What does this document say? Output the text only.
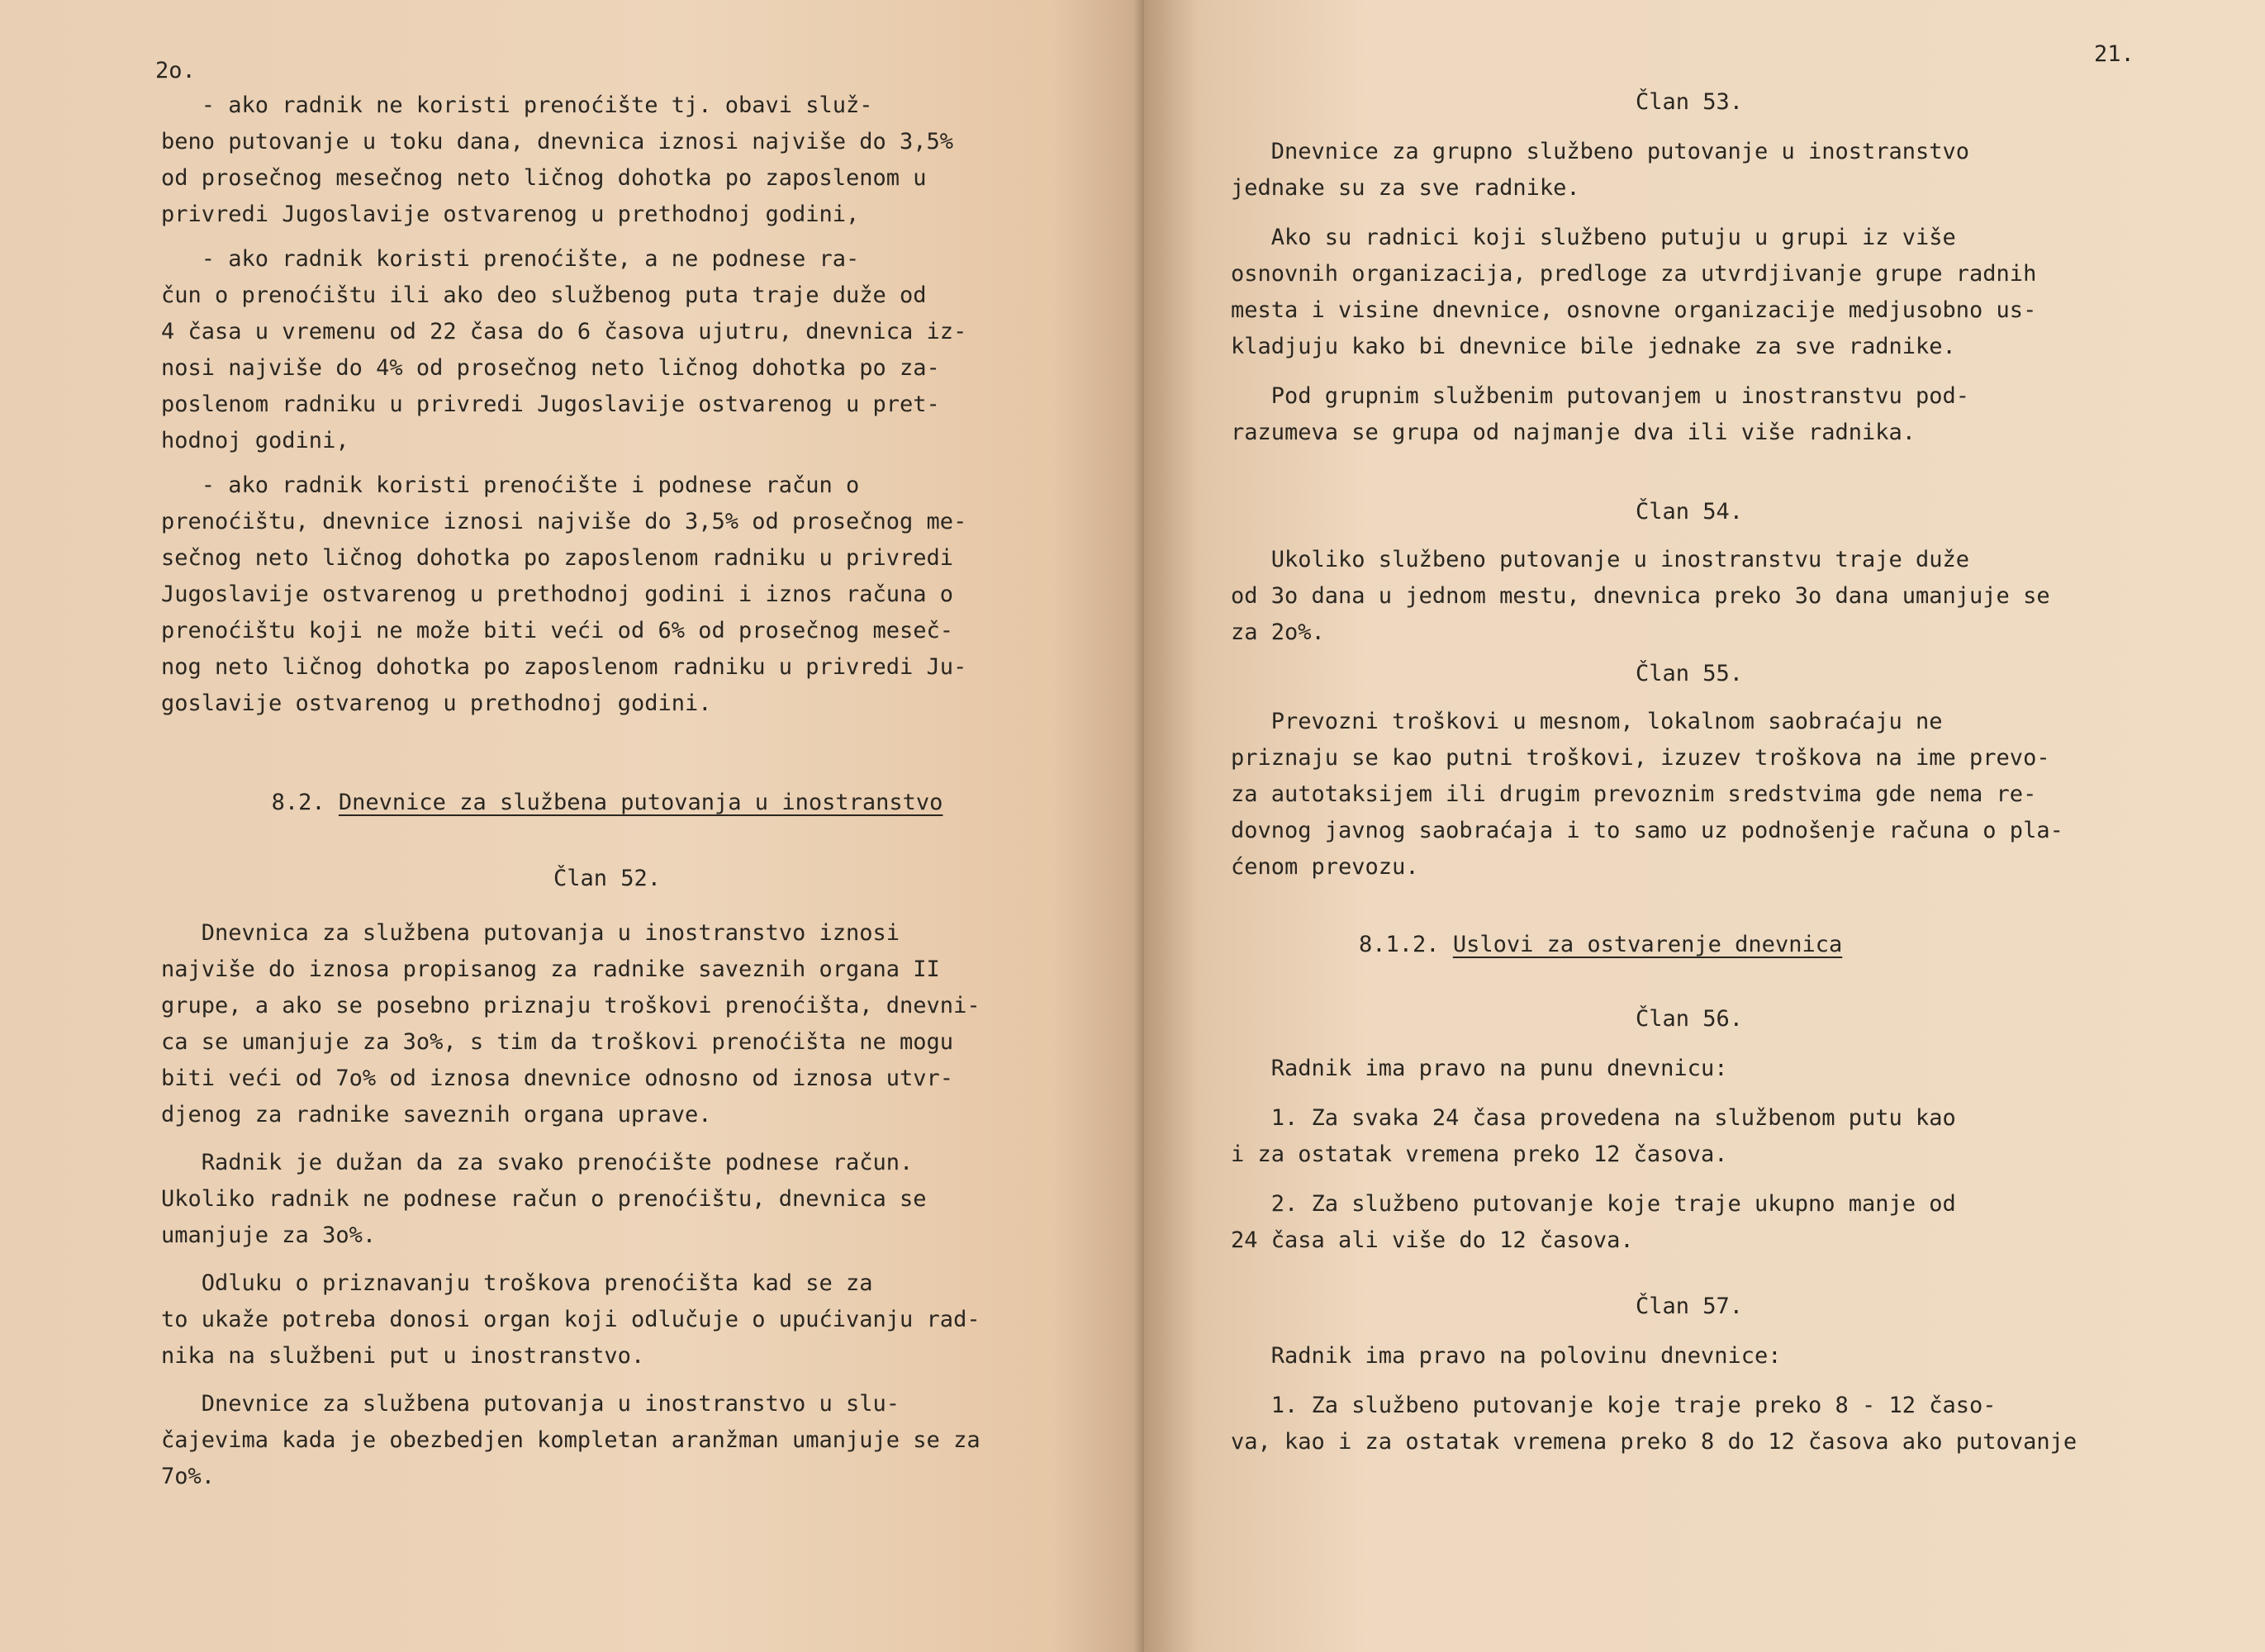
2o.

- ako radnik ne koristi prenoćište tj. obavi služ-
beno putovanje u toku dana, dnevnica iznosi najviše do 3,5%
od prosečnog mesečnog neto ličnog dohotka po zaposlenom u
privredi Jugoslavije ostvarenog u prethodnoj godini,

- ako radnik koristi prenoćište, a ne podnese ra-
čun o prenoćištu ili ako deo službenog puta traje duže od
4 časa u vremenu od 22 časa do 6 časova ujutru, dnevnica iz-
nosi najviše do 4% od prosečnog neto ličnog dohotka po za-
poslenom radniku u privredi Jugoslavije ostvarenog u pret-
hodnoj godini,

- ako radnik koristi prenoćište i podnese račun o
prenoćištu, dnevnice iznosi najviše do 3,5% od prosečnog me-
sečnog neto ličnog dohotka po zaposlenom radniku u privredi
Jugoslavije ostvarenog u prethodnoj godini i iznos računa o
prenoćištu koji ne može biti veći od 6% od prosečnog meseč-
nog neto ličnog dohotka po zaposlenom radniku u privredi Ju-
goslavije ostvarenog u prethodnoj godini.

8.2. Dnevnice za službena putovanja u inostranstvo
Član 52.

Dnevnica za službena putovanja u inostranstvo iznosi
najviše do iznosa propisanog za radnike saveznih organa II
grupe, a ako se posebno priznaju troškovi prenoćišta, dnevni-
ca se umanjuje za 3o%, s tim da troškovi prenoćišta ne mogu
biti veći od 7o% od iznosa dnevnice odnosno od iznosa utvr-
djenog za radnike saveznih organa uprave.

Radnik je dužan da za svako prenoćište podnese račun.
Ukoliko radnik ne podnese račun o prenoćištu, dnevnica se
umanjuje za 3o%.

Odluku o priznavanju troškova prenoćišta kad se za
to ukaže potreba donosi organ koji odlučuje o upućivanju rad-
nika na službeni put u inostranstvo.

Dnevnice za službena putovanja u inostranstvo u slu-
čajevima kada je obezbedjen kompletan aranžman umanjuje se za
7o%.

21.
Član 53.

Dnevnice za grupno službeno putovanje u inostranstvo
jednake su za sve radnike.

Ako su radnici koji službeno putuju u grupi iz više
osnovnih organizacija, predloge za utvrdjivanje grupe radnih
mesta i visine dnevnice, osnovne organizacije medjusobno us-
kladjuju kako bi dnevnice bile jednake za sve radnike.

Pod grupnim službenim putovanjem u inostranstvu pod-
razumeva se grupa od najmanje dva ili više radnika.

Član 54.

Ukoliko službeno putovanje u inostranstvu traje duže
od 3o dana u jednom mestu, dnevnica preko 3o dana umanjuje se
za 2o%.

Član 55.

Prevozni troškovi u mesnom, lokalnom saobraćaju ne
priznaju se kao putni troškovi, izuzev troškova na ime prevo-
za autotaksijem ili drugim prevoznim sredstvima gde nema re-
dovnog javnog saobraćaja i to samo uz podnošenje računa o pla-
ćenom prevozu.

8.1.2. Uslovi za ostvarenje dnevnica
Član 56.

Radnik ima pravo na punu dnevnicu:

1. Za svaka 24 časa provedena na službenom putu kao
i za ostatak vremena preko 12 časova.

2. Za službeno putovanje koje traje ukupno manje od
24 časa ali više do 12 časova.

Član 57.

Radnik ima pravo na polovinu dnevnice:

1. Za službeno putovanje koje traje preko 8 - 12 časo-
va, kao i za ostatak vremena preko 8 do 12 časova ako putovanje
